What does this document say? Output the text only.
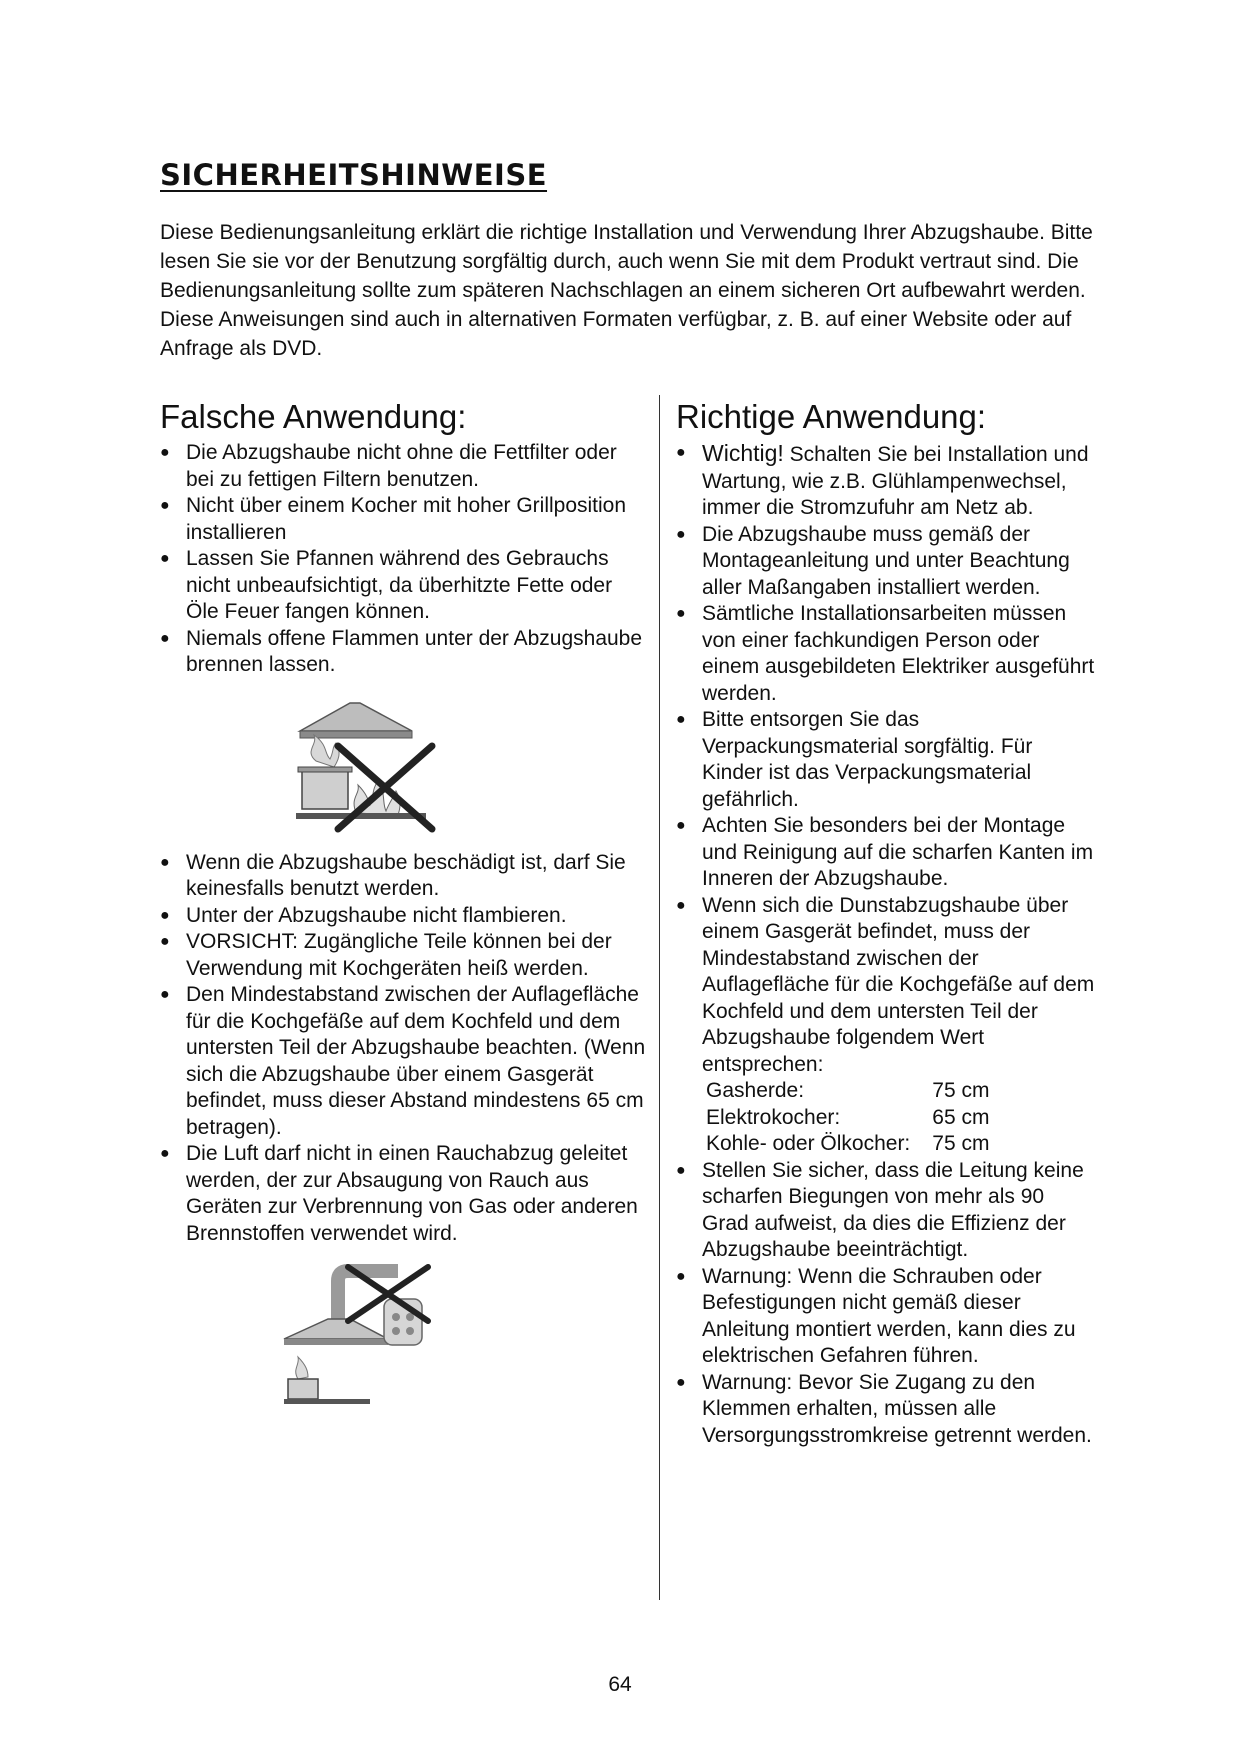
SICHERHEITSHINWEISE

Diese Bedienungsanleitung erklärt die richtige Installation und Verwendung Ihrer Abzugshaube. Bitte lesen Sie sie vor der Benutzung sorgfältig durch, auch wenn Sie mit dem Produkt vertraut sind. Die Bedienungsanleitung sollte zum späteren Nachschlagen an einem sicheren Ort aufbewahrt werden.

Diese Anweisungen sind auch in alternativen Formaten verfügbar, z. B. auf einer Website oder auf Anfrage als DVD.

Falsche Anwendung:
● Die Abzugshaube nicht ohne die Fettfilter oder bei zu fettigen Filtern benutzen.
● Nicht über einem Kocher mit hoher Grillposition installieren
● Lassen Sie Pfannen während des Gebrauchs nicht unbeaufsichtigt, da überhitzte Fette oder Öle Feuer fangen können.
● Niemals offene Flammen unter der Abzugshaube brennen lassen.
● Wenn die Abzugshaube beschädigt ist, darf Sie keinesfalls benutzt werden.
● Unter der Abzugshaube nicht flambieren.
● VORSICHT: Zugängliche Teile können bei der Verwendung mit Kochgeräten heiß werden.
● Den Mindestabstand zwischen der Auflagefläche für die Kochgefäße auf dem Kochfeld und dem untersten Teil der Abzugshaube beachten. (Wenn sich die Abzugshaube über einem Gasgerät befindet, muss dieser Abstand mindestens 65 cm betragen).
● Die Luft darf nicht in einen Rauchabzug geleitet werden, der zur Absaugung von Rauch aus Geräten zur Verbrennung von Gas oder anderen Brennstoffen verwendet wird.
Richtige Anwendung:
● Wichtig! Schalten Sie bei Installation und Wartung, wie z.B. Glühlampenwechsel, immer die Stromzufuhr am Netz ab.
● Die Abzugshaube muss gemäß der Montageanleitung und unter Beachtung aller Maßangaben installiert werden.
● Sämtliche Installationsarbeiten müssen von einer fachkundigen Person oder einem ausgebildeten Elektriker ausgeführt werden.
● Bitte entsorgen Sie das Verpackungsmaterial sorgfältig. Für Kinder ist das Verpackungsmaterial gefährlich.
● Achten Sie besonders bei der Montage und Reinigung auf die scharfen Kanten im Inneren der Abzugshaube.
● Wenn sich die Dunstabzugshaube über einem Gasgerät befindet, muss der Mindestabstand zwischen der Auflagefläche für die Kochgefäße auf dem Kochfeld und dem untersten Teil der Abzugshaube folgendem Wert entsprechen:
Gasherde:	75 cm
Elektrokocher:	65 cm
Kohle- oder Ölkocher:	75 cm
● Stellen Sie sicher, dass die Leitung keine scharfen Biegungen von mehr als 90 Grad aufweist, da dies die Effizienz der Abzugshaube beeinträchtigt.
● Warnung: Wenn die Schrauben oder Befestigungen nicht gemäß dieser Anleitung montiert werden, kann dies zu elektrischen Gefahren führen.
● Warnung: Bevor Sie Zugang zu den Klemmen erhalten, müssen alle Versorgungsstromkreise getrennt werden.

64
